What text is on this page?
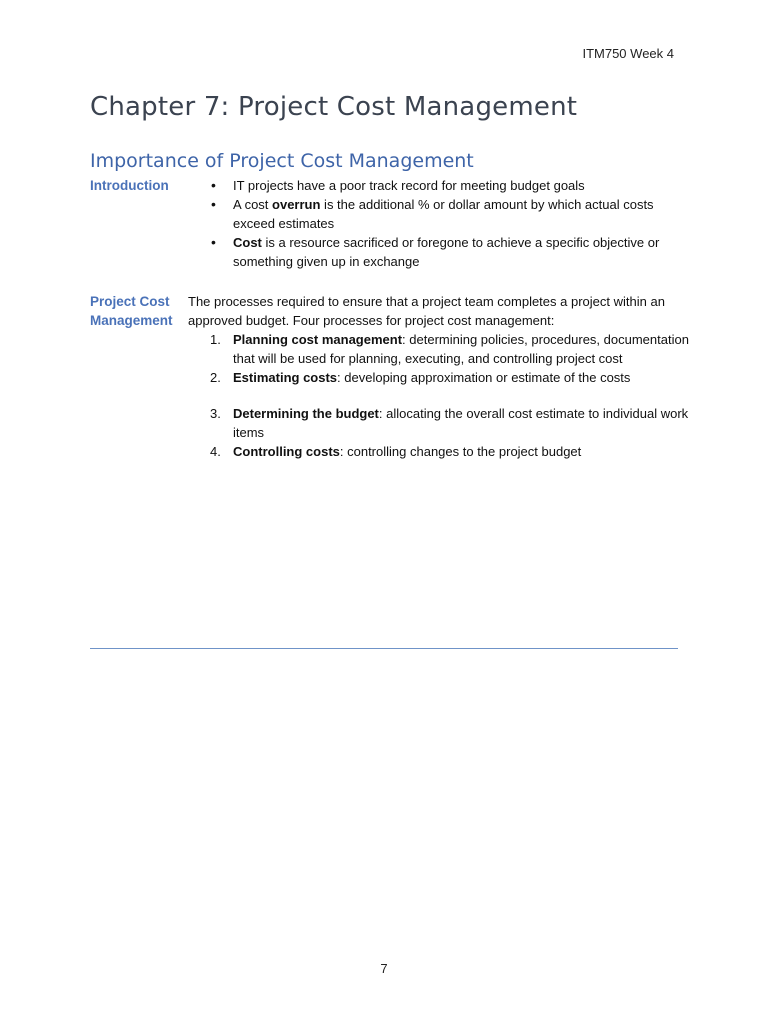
ITM750 Week 4
Chapter 7: Project Cost Management
Importance of Project Cost Management
Introduction	• IT projects have a poor track record for meeting budget goals
• A cost overrun is the additional % or dollar amount by which actual costs exceed estimates
• Cost is a resource sacrificed or foregone to achieve a specific objective or something given up in exchange
Project Cost Management
The processes required to ensure that a project team completes a project within an approved budget. Four processes for project cost management:
1. Planning cost management: determining policies, procedures, documentation that will be used for planning, executing, and controlling project cost
2. Estimating costs: developing approximation or estimate of the costs
3. Determining the budget: allocating the overall cost estimate to individual work items
4. Controlling costs: controlling changes to the project budget
7
